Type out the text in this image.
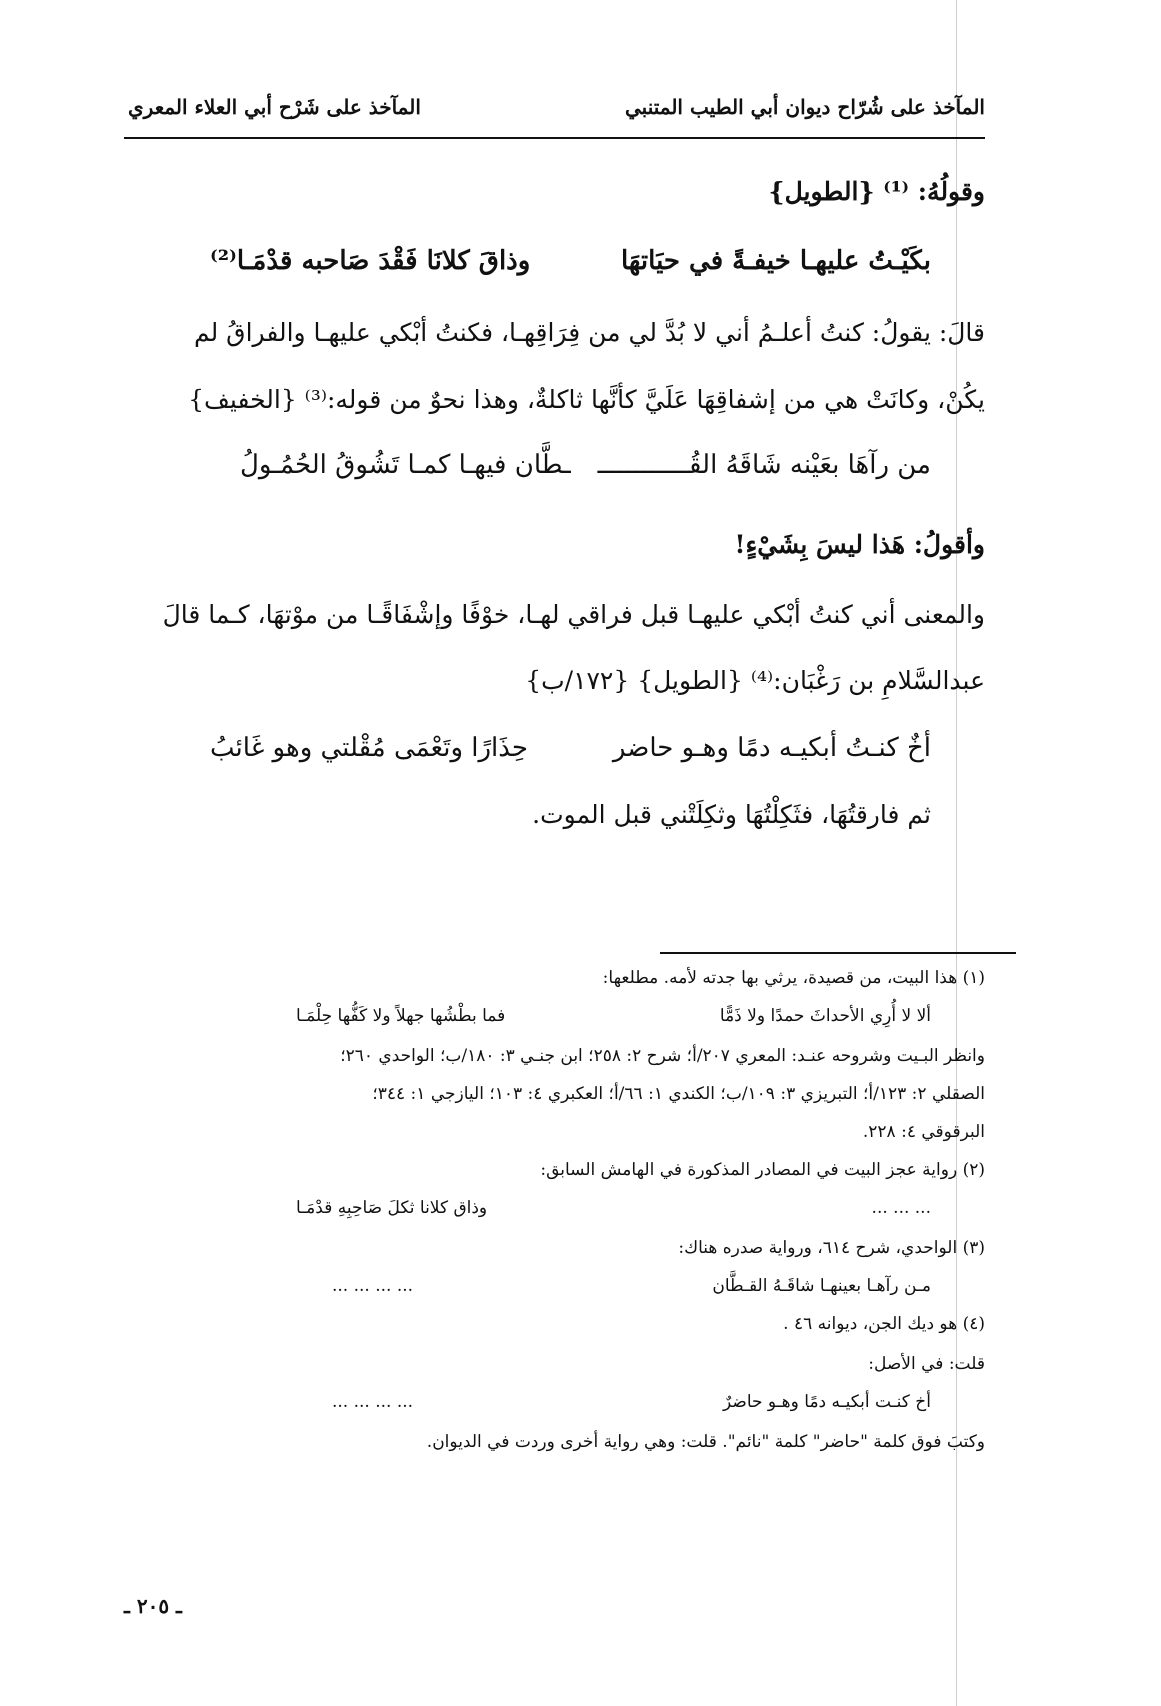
المآخذ على شُرّاح ديوان أبي الطيب المتنبي
المآخذ على شَرْح أبي العلاء المعري
وقولُهُ: ⁽¹⁾ {الطويل}
بكَيْـتُ عليهـا خيفـةً في حيَاتهَا
وذاقَ كلانَا فَقْدَ صَاحبه قدْمَـا⁽²⁾
قالَ: يقولُ: كنتُ أعلـمُ أني لا بُدَّ لي من فِرَاقِهـا، فكنتُ أبْكي عليهـا والفراقُ لم
يكُنْ، وكانَتْ هي من إشفاقِهَا عَلَيَّ كأنَّها ثاكلةٌ، وهذا نحوٌ من قوله:⁽³⁾ {الخفيف}
من رآهَا بعَيْنه شَاقَهُ القُــــــــــــ
ـطَّان فيهـا كمـا تَشُوقُ الحُمُـولُ
وأقولُ: هَذا ليسَ بِشَيْءٍ!
والمعنى أني كنتُ أبْكي عليهـا قبل فراقي لهـا، خوْفًا وإشْفَاقًـا من موْتهَا، كـما قالَ
عبدالسَّلامِ بن رَغْبَان:⁽⁴⁾ {الطويل} {١٧٢/ب}
أخٌ كنـتُ أبكيـه دمًا وهـو حاضر
حِذَارًا وتَعْمَى مُقْلتي وهو غَائبُ
ثم فارقتُهَا، فثَكِلْتُهَا وثكِلَتْني قبل الموت.
(١) هذا البيت، من قصيدة، يرثي بها جدته لأمه. مطلعها:
ألا لا أُرِي الأحداثَ حمدًا ولا ذَمًّا
فما بطْشُها جهلاً ولا كَفُّها حِلْمَـا
وانظر البـيت وشروحه عنـد: المعري ٢٠٧/أ؛ شرح ٢: ٢٥٨؛ ابن جنـي ٣: ١٨٠/ب؛ الواحدي ٢٦٠؛
الصقلي ٢: ١٢٣/أ؛ التبريزي ٣: ١٠٩/ب؛ الكندي ١: ٦٦/أ؛ العكبري ٤: ١٠٣؛ اليازجي ١: ٣٤٤؛
البرقوقي ٤: ٢٢٨.
(٢) رواية عجز البيت في المصادر المذكورة في الهامش السابق:
... ... ...
وذاق كلانا ثكلَ صَاحِبِهِ قدْمَـا
(٣) الواحدي، شرح ٦١٤، ورواية صدره هناك:
مـن رآهـا بعينهـا شاقَـهُ القـطَّان
... ... ... ...
(٤) هو ديك الجن، ديوانه ٤٦ .
قلت: في الأصل:
أخ كنـت أبكيـه دمًا وهـو حاضرٌ
... ... ... ...
وكتبَ فوق كلمة "حاضر" كلمة "نائم". قلت: وهي رواية أخرى وردت في الديوان.
ـ ٢٠٥ ـ
